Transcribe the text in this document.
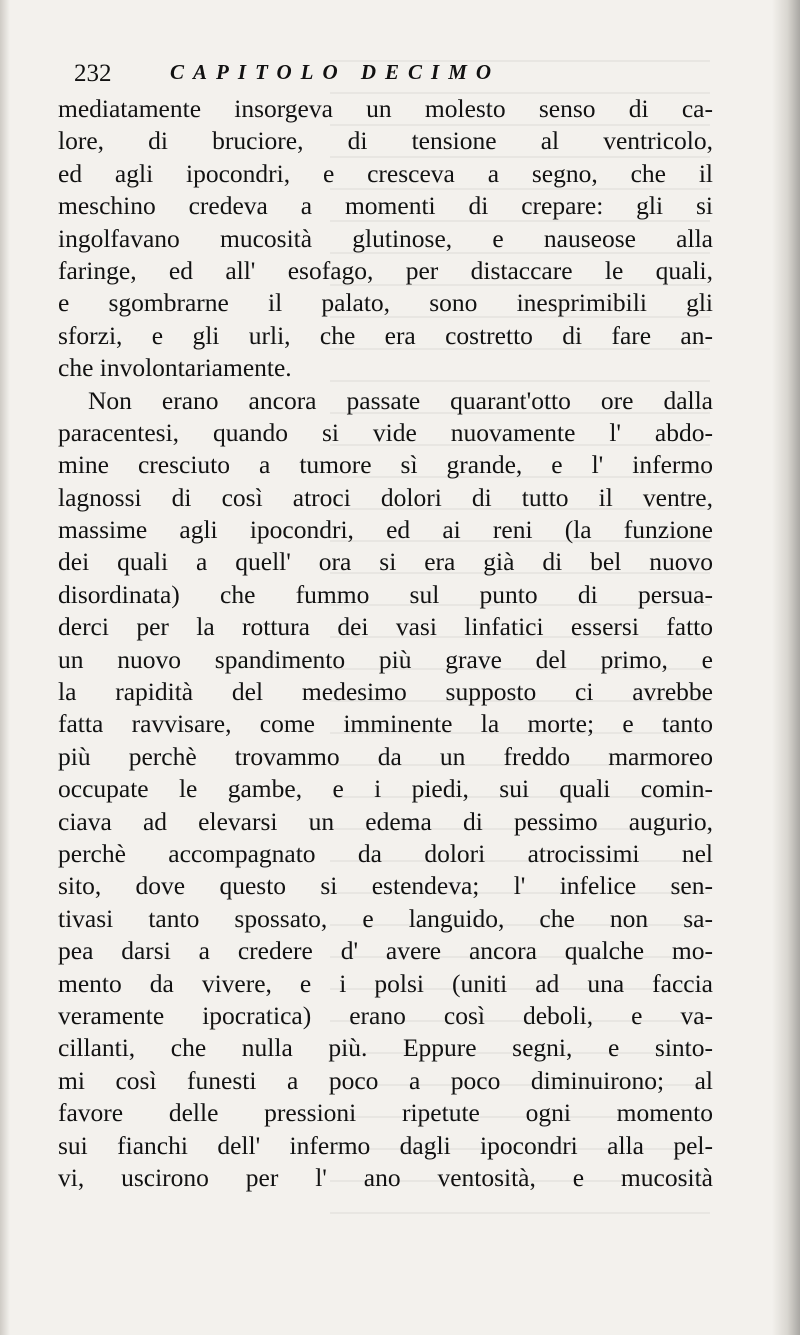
232	CAPITOLO DECIMO
mediatamente insorgeva un molesto senso di ca-
lore, di bruciore, di tensione al ventricolo,
ed agli ipocondri, e cresceva a segno, che il
meschino credeva a momenti di crepare: gli si
ingolfavano mucosità glutinose, e nauseose alla
faringe, ed all' esofago, per distaccare le quali,
e sgombrarne il palato, sono inesprimibili gli
sforzi, e gli urli, che era costretto di fare an-
che involontariamente.
Non erano ancora passate quarant'otto ore dalla
paracentesi, quando si vide nuovamente l' abdo-
mine cresciuto a tumore sì grande, e l' infermo
lagnossi di così atroci dolori di tutto il ventre,
massime agli ipocondri, ed ai reni (la funzione
dei quali a quell' ora si era già di bel nuovo
disordinata) che fummo sul punto di persua-
derci per la rottura dei vasi linfatici essersi fatto
un nuovo spandimento più grave del primo, e
la rapidità del medesimo supposto ci avrebbe
fatta ravvisare, come imminente la morte; e tanto
più perchè trovammo da un freddo marmoreo
occupate le gambe, e i piedi, sui quali comin-
ciava ad elevarsi un edema di pessimo augurio,
perchè accompagnato da dolori atrocissimi nel
sito, dove questo si estendeva; l' infelice sen-
tivasi tanto spossato, e languido, che non sa-
pea darsi a credere d' avere ancora qualche mo-
mento da vivere, e i polsi (uniti ad una faccia
veramente ipocratica) erano così deboli, e va-
cillanti, che nulla più. Eppure segni, e sinto-
mi così funesti a poco a poco diminuirono; al
favore delle pressioni ripetute ogni momento
sui fianchi dell' infermo dagli ipocondri alla pel-
vi, uscirono per l' ano ventosità, e mucosità
